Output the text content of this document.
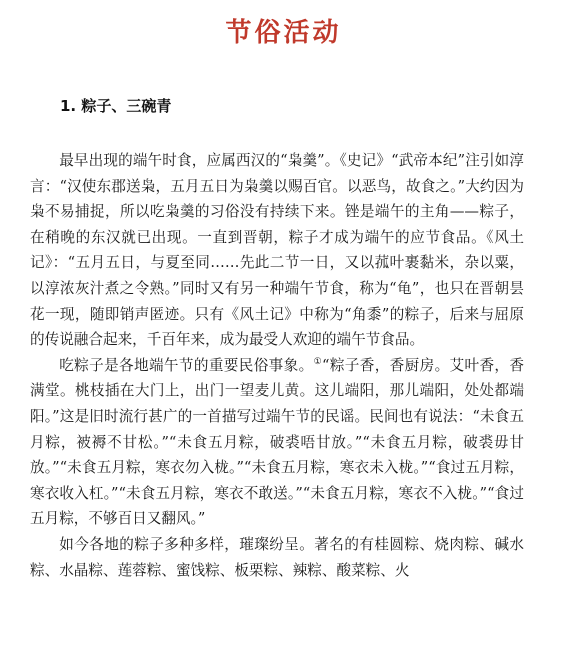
节俗活动
1. 粽子、三碗青

最早出现的端午时食，应属西汉的“枭羹”。《史记》“武帝本纪”注引如淳言：“汉使东郡送枭，五月五日为枭羹以赐百官。以恶鸟，故食之。”大约因为枭不易捕捉，所以吃枭羹的习俗没有持续下来。锉是端午的主角——粽子，在稍晚的东汉就已出现。一直到晋朝，粽子才成为端午的应节食品。《风土记》：“五月五日，与夏至同……先此二节一日，又以菰叶裹黏米，杂以粟，以淳浓灰汁煮之令熟。”同时又有另一种端午节食，称为“龟”，也只在晋朝昙花一现，随即销声匿迹。只有《风土记》中称为“角黍”的粽子，后来与屈原的传说融合起来，千百年来，成为最受人欢迎的端午节食品。

吃粽子是各地端午节的重要民俗事象。①“粽子香，香厨房。艾叶香，香满堂。桃枝插在大门上，出门一望麦儿黄。这儿端阳，那儿端阳，处处都端阳。”这是旧时流行甚广的一首描写过端午节的民谣。民间也有说法：“未食五月粽，被褥不甘松。”“未食五月粽，破裘唔甘放。”“未食五月粽，破裘毋甘放。”“未食五月粽，寒衣勿入栊。”“未食五月粽，寒衣未入栊。”“食过五月粽，寒衣收入杠。”“未食五月粽，寒衣不敢送。”“未食五月粽，寒衣不入栊。”“食过五月粽，不够百日又翻风。”

如今各地的粽子多种多样，璀璨纷呈。著名的有桂圆粽、烧肉粽、碱水粽、水晶粽、莲蓉粽、蜜饯粽、板栗粽、辣粽、酸菜粽、火
